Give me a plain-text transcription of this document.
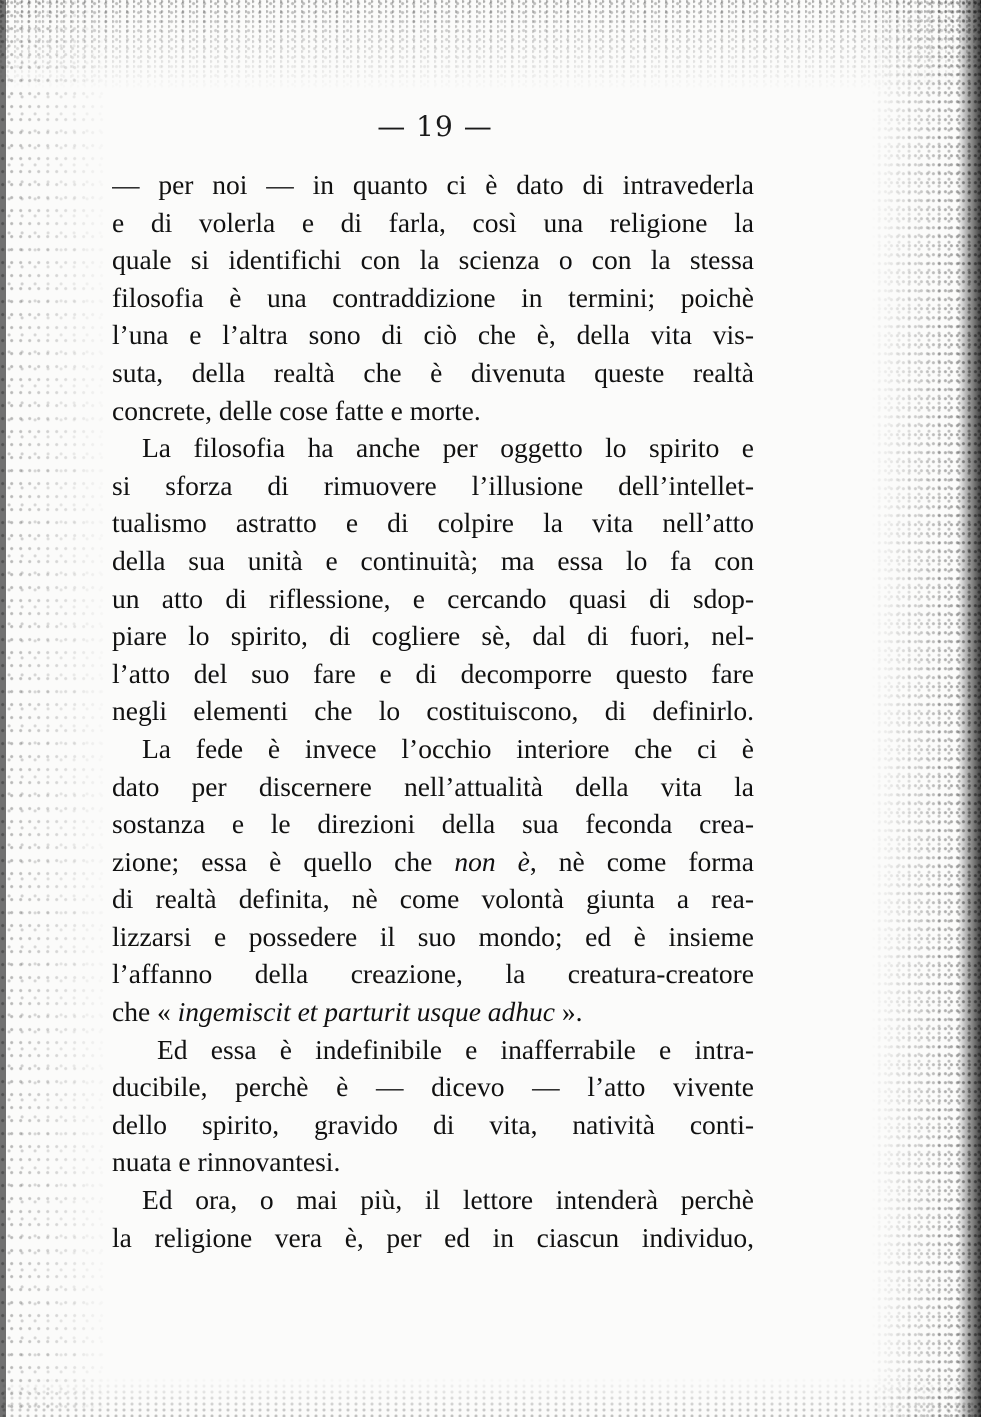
— 19 —
— per noi — in quanto ci è dato di intravederla
e di volerla e di farla, così una religione la
quale si identifichi con la scienza o con la stessa
filosofia è una contraddizione in termini; poichè
l’una e l’altra sono di ciò che è, della vita vis-
suta, della realtà che è divenuta queste realtà
concrete, delle cose fatte e morte.
La filosofia ha anche per oggetto lo spirito e
si sforza di rimuovere l’illusione dell’intellet-
tualismo astratto e di colpire la vita nell’atto
della sua unità e continuità; ma essa lo fa con
un atto di riflessione, e cercando quasi di sdop-
piare lo spirito, di cogliere sè, dal di fuori, nel-
l’atto del suo fare e di decomporre questo fare
negli elementi che lo costituiscono, di definirlo.
La fede è invece l’occhio interiore che ci è
dato per discernere nell’attualità della vita la
sostanza e le direzioni della sua feconda crea-
zione; essa è quello che non è, nè come forma
di realtà definita, nè come volontà giunta a rea-
lizzarsi e possedere il suo mondo; ed è insieme
l’affanno della creazione, la creatura-creatore
che « ingemiscit et parturit usque adhuc ».
Ed essa è indefinibile e inafferrabile e intra-
ducibile, perchè è — dicevo — l’atto vivente
dello spirito, gravido di vita, natività conti-
nuata e rinnovantesi.
Ed ora, o mai più, il lettore intenderà perchè
la religione vera è, per ed in ciascun individuo,
